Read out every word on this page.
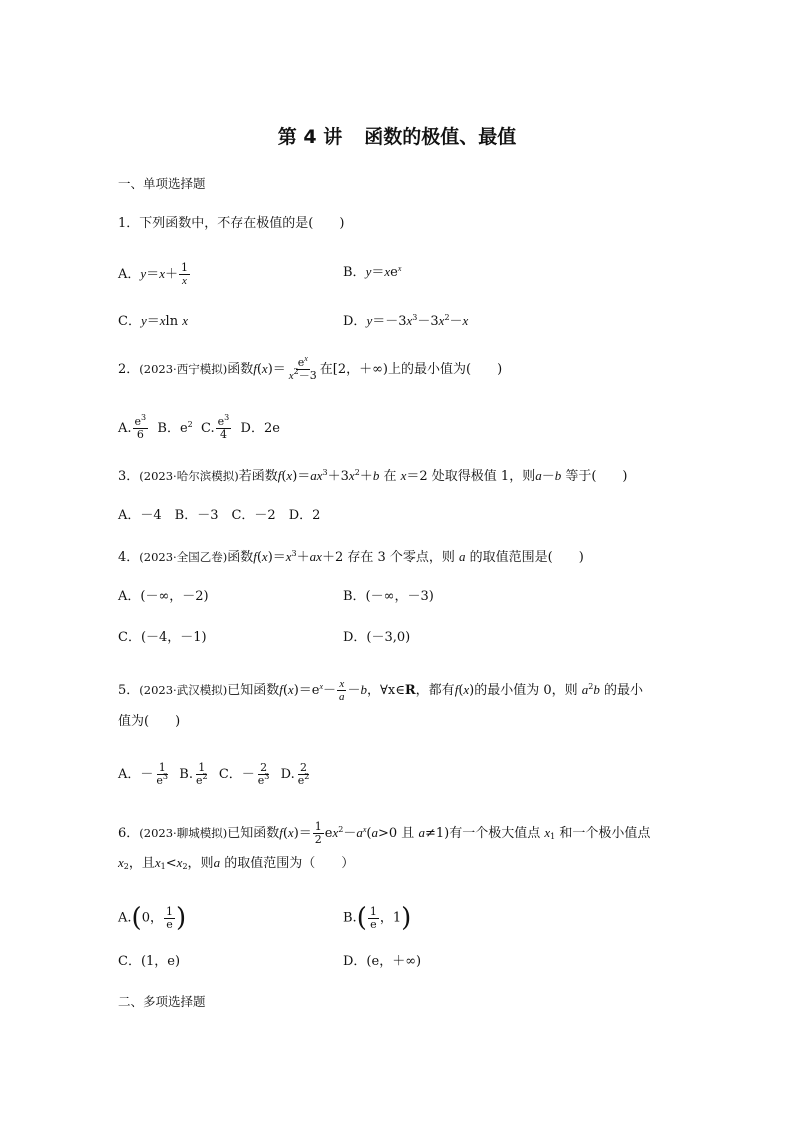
第 4 讲 函数的极值、最值
一、单项选择题
1．下列函数中，不存在极值的是(　　)
A．$y=x+ \frac{1}{x}$	B．$y=xe^x$
C．y＝xln x	D．$y=-3x^3-3x^2-x$
2．(2023·西宁模拟)函数$f(x)= \frac{e^x}{x^2-3}$ 在[2，＋∞)上的最小值为(　　)
A. $\frac{e^3}{6}$ B．$e^2$ C. $\frac{e^3}{4}$ D．2e
3．(2023·哈尔滨模拟)若函数$f(x)=ax^3+3x^2+b$ 在 x＝2 处取得极值 1，则a－b 等于(　　)
A．－4　B．－3　C．－2　D．2
4．(2023·全国乙卷)函数$f(x)=x^3+ax+2$ 存在 3 个零点，则 a 的取值范围是(　　)
A．(－∞，－2)	B．(－∞，－3)
C．(－4，－1)	D．(－3,0)
5．(2023·武汉模拟)已知函数$f(x)=e^x- \frac{x}{a} -b$，∀x∈R，都有f(x)的最小值为 0，则 $a^2b$ 的最小
值为(　　)
A．－ $\frac{1}{e^3} B$. $\frac{1}{e^2}$ C．－ $\frac{2}{e^3} D$. $\frac{2}{e^2}$
6．(2023·聊城模拟)已知函数$f(x)= \frac{1}{2} ex^2-a^x(a>0$ 且 a≠1)有一个极大值点 $x_1$ 和一个极小值点
$x_2$，且$x_1<x_2$，则a 的取值范围为（　　）
A.(0， $\frac{1}{e}$ )	$B.( \frac{1}{e}$ ，1)
C．(1，e)	D．(e，＋∞)
二、多项选择题
